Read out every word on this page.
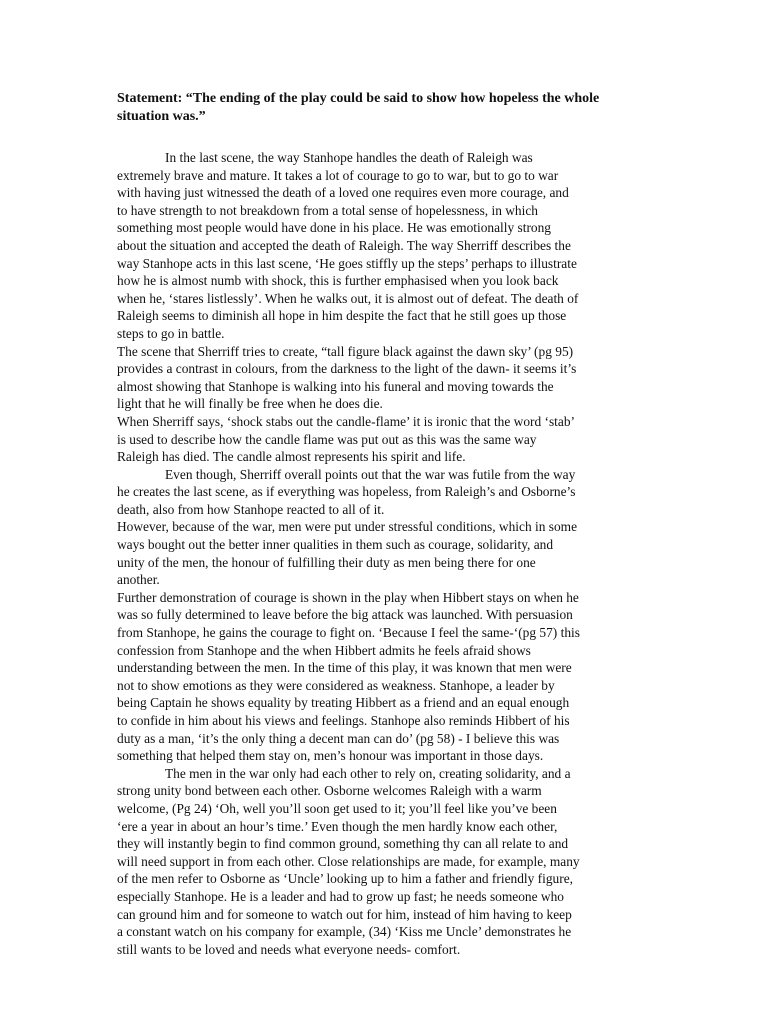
Statement: “The ending of the play could be said to show how hopeless the whole
situation was.”
In the last scene, the way Stanhope handles the death of Raleigh was
extremely brave and mature. It takes a lot of courage to go to war, but to go to war
with having just witnessed the death of a loved one requires even more courage, and
to have strength to not breakdown from a total sense of hopelessness, in which
something most people would have done in his place. He was emotionally strong
about the situation and accepted the death of Raleigh. The way Sherriff describes the
way Stanhope acts in this last scene, ‘He goes stiffly up the steps’ perhaps to illustrate
how he is almost numb with shock, this is further emphasised when you look back
when he, ‘stares listlessly’. When he walks out, it is almost out of defeat. The death of
Raleigh seems to diminish all hope in him despite the fact that he still goes up those
steps to go in battle.
The scene that Sherriff tries to create, “tall figure black against the dawn sky’ (pg 95)
provides a contrast in colours, from the darkness to the light of the dawn- it seems it’s
almost showing that Stanhope is walking into his funeral and moving towards the
light that he will finally be free when he does die.
When Sherriff says, ‘shock stabs out the candle-flame’ it is ironic that the word ‘stab’
is used to describe how the candle flame was put out as this was the same way
Raleigh has died. The candle almost represents his spirit and life.
Even though, Sherriff overall points out that the war was futile from the way
he creates the last scene, as if everything was hopeless, from Raleigh’s and Osborne’s
death, also from how Stanhope reacted to all of it.
However, because of the war, men were put under stressful conditions, which in some
ways bought out the better inner qualities in them such as courage, solidarity, and
unity of the men, the honour of fulfilling their duty as men being there for one
another.
Further demonstration of courage is shown in the play when Hibbert stays on when he
was so fully determined to leave before the big attack was launched. With persuasion
from Stanhope, he gains the courage to fight on. ‘Because I feel the same-‘(pg 57) this
confession from Stanhope and the when Hibbert admits he feels afraid shows
understanding between the men. In the time of this play, it was known that men were
not to show emotions as they were considered as weakness. Stanhope, a leader by
being Captain he shows equality by treating Hibbert as a friend and an equal enough
to confide in him about his views and feelings. Stanhope also reminds Hibbert of his
duty as a man, ‘it’s the only thing a decent man can do’ (pg 58) - I believe this was
something that helped them stay on, men’s honour was important in those days.
The men in the war only had each other to rely on, creating solidarity, and a
strong unity bond between each other. Osborne welcomes Raleigh with a warm
welcome, (Pg 24) ‘Oh, well you’ll soon get used to it; you’ll feel like you’ve been
‘ere a year in about an hour’s time.’ Even though the men hardly know each other,
they will instantly begin to find common ground, something thy can all relate to and
will need support in from each other. Close relationships are made, for example, many
of the men refer to Osborne as ‘Uncle’ looking up to him a father and friendly figure,
especially Stanhope. He is a leader and had to grow up fast; he needs someone who
can ground him and for someone to watch out for him, instead of him having to keep
a constant watch on his company for example, (34) ‘Kiss me Uncle’ demonstrates he
still wants to be loved and needs what everyone needs- comfort.
